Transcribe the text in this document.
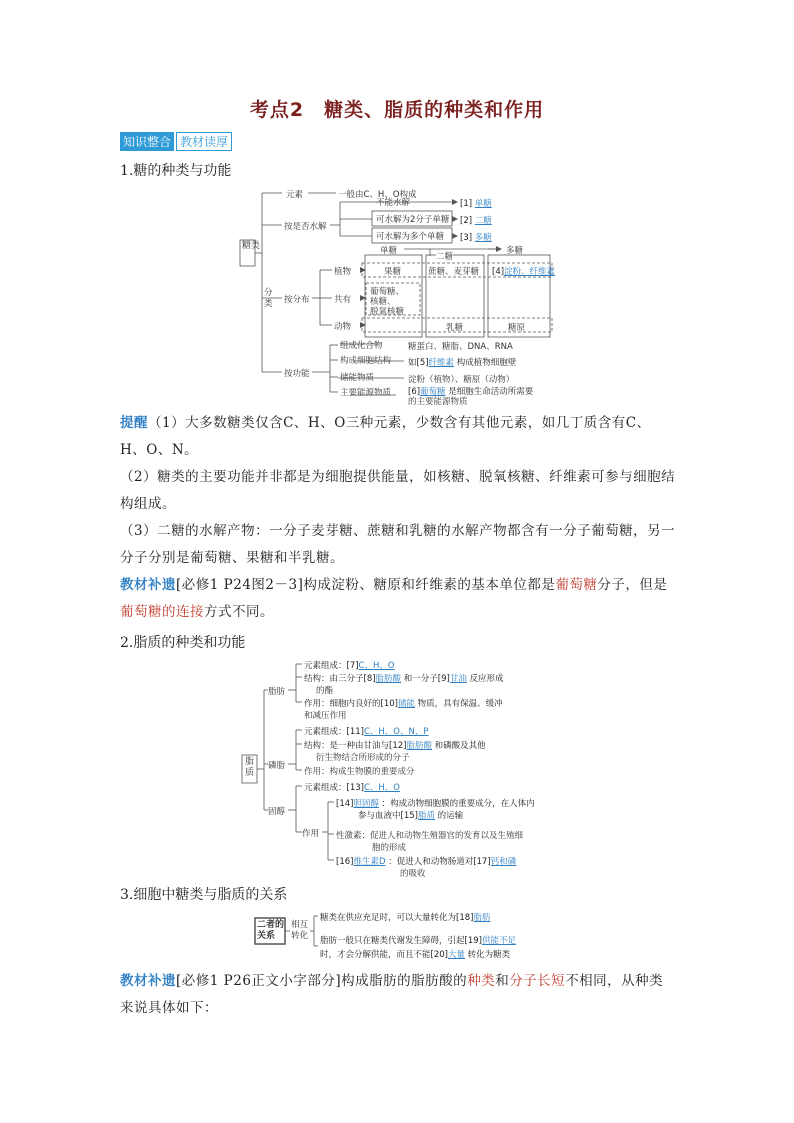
考点2　糖类、脂质的种类和作用
知识整合 教材读厚
1.糖的种类与功能
糖类
分类
元素	一般由C、H、O构成
按是否水解
不能水解
可水解为2分子单糖
可水解为多个单糖
[1] 单糖
[2] 二糖
[3] 多糖
按分布
植物
共有
动物
单糖
二糖
多糖
果糖	蔗糖、麦芽糖 [4]淀粉、纤维素
葡萄糖、
核糖、
脱氧核糖
乳糖	糖原
按功能
组成化合物	糖蛋白、糖脂、DNA、RNA
构成细胞结构 如[5]纤维素 构成植物细胞壁
储能物质	淀粉（植物）、糖原（动物）
主要能源物质 [6]葡萄糖 是细胞生命活动所需要
的主要能源物质
提醒（1）大多数糖类仅含C、H、O三种元素，少数含有其他元素，如几丁质含有C、
H、O、N。
（2）糖类的主要功能并非都是为细胞提供能量，如核糖、脱氧核糖、纤维素可参与细胞结
构组成。
（3）二糖的水解产物：一分子麦芽糖、蔗糖和乳糖的水解产物都含有一分子葡萄糖，另一
分子分别是葡萄糖、果糖和半乳糖。
教材补遗[必修1 P24图2－3]构成淀粉、糖原和纤维素的基本单位都是葡萄糖分子，但是
葡萄糖的连接方式不同。
2.脂质的种类和功能
脂质
脂肪
元素组成：[7]C、H、O
结构：由三分子[8]脂肪酸 和一分子[9]甘油 反应形成
的酯
作用：细胞内良好的[10]储能 物质，具有保温、缓冲
和减压作用
磷脂
元素组成：[11]C、H、O、N、P
结构：是一种由甘油与[12]脂肪酸 和磷酸及其他
衍生物结合所形成的分子
作用：构成生物膜的重要成分
固醇
元素组成：[13]C、H、O
作用
[14]胆固醇 ：构成动物细胞膜的重要成分，在人体内
参与血液中[15]脂质 的运输
性激素：促进人和动物生殖器官的发育以及生殖细
胞的形成
[16]维生素D ：促进人和动物肠道对[17]钙和磷
的吸收
3.细胞中糖类与脂质的关系
二者的
关系
相互
转化
糖类在供应充足时，可以大量转化为[18]脂肪
脂肪一般只在糖类代谢发生障碍，引起[19]供能不足
时，才会分解供能，而且不能[20]大量 转化为糖类
教材补遗[必修1 P26正文小字部分]构成脂肪的脂肪酸的种类和分子长短不相同，从种类
来说具体如下：
